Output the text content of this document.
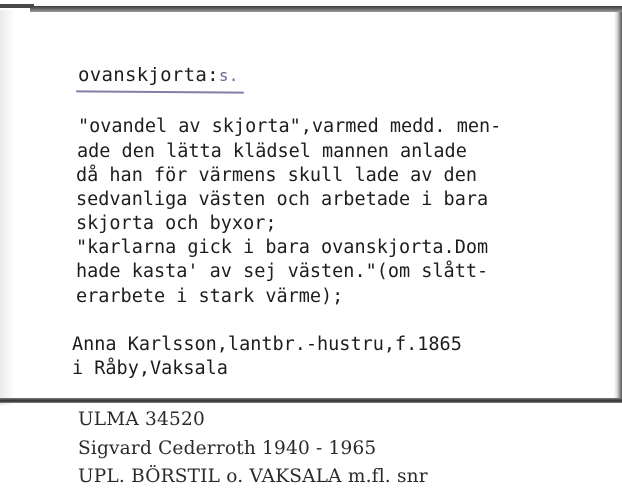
ovanskjorta:s.
"ovandel av skjorta",varmed medd. men-
ade den lätta klädsel mannen anlade
då han för värmens skull lade av den
sedvanliga västen och arbetade i bara
skjorta och byxor;
"karlarna gick i bara ovanskjorta.Dom
hade kasta' av sej västen."(om slått-
erarbete i stark värme);
Anna Karlsson,lantbr.-hustru,f.1865
i Råby,Vaksala
ULMA 34520
Sigvard Cederroth 1940 - 1965
UPL. BÖRSTIL o. VAKSALA m.fl. snr
